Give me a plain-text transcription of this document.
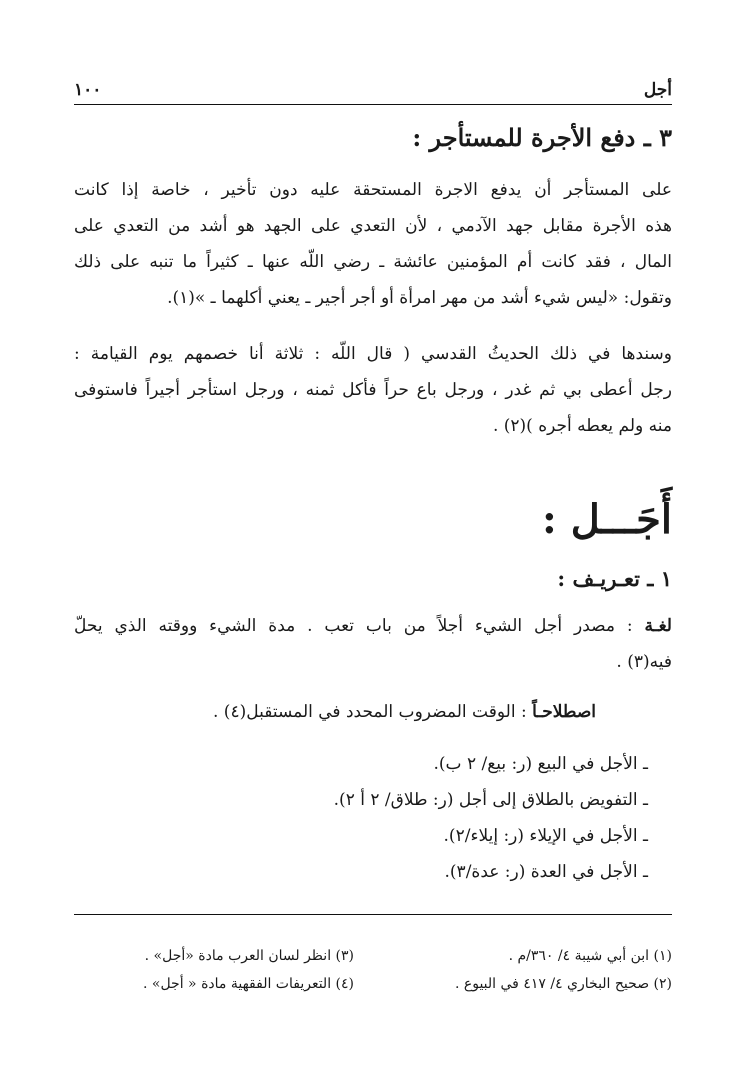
١٠٠	أجل
٣ ـ دفع الأجرة للمستأجر :
على المستأجر أن يدفع الاجرة المستحقة عليه دون تأخير ، خاصة إذا كانت
هذه الأجرة مقابل جهد الآدمي ، لأن التعدي على الجهد هو أشد من التعدي على
المال ، فقد كانت أم المؤمنين عائشة ـ رضي اللّه عنها ـ كثيراً ما تنبه على ذلك
وتقول: «ليس شيء أشد من مهر امرأة أو أجر أجير ـ يعني أكلهما ـ »(١).
وسندها في ذلك الحديثُ القدسي ( قال اللّه : ثلاثة أنا خصمهم يوم القيامة :
رجل أعطى بي ثم غدر ، ورجل باع حراً فأكل ثمنه ، ورجل استأجر أجيراً فاستوفى
منه ولم يعطه أجره )(٢) .
أَجَـــل :
١ ـ تعـريـف :
لغـة : مصدر أجل الشيء أجلاً من باب تعب . مدة الشيء ووقته الذي يحلّ
فيه(٣) .
اصطلاحـاً : الوقت المضروب المحدد في المستقبل(٤) .
ـ الأجل في البيع (ر: بيع/ ٢ ب).
ـ التفويض بالطلاق إلى أجل (ر: طلاق/ ٢ أ ٢).
ـ الأجل في الإيلاء (ر: إيلاء/٢).
ـ الأجل في العدة (ر: عدة/٣).
(١) ابن أبي شيبة ٤/ ٣٦٠/م .
(٢) صحيح البخاري ٤/ ٤١٧ في البيوع .
(٣) انظر لسان العرب مادة «أجل» .
(٤) التعريفات الفقهية مادة « أجل» .
